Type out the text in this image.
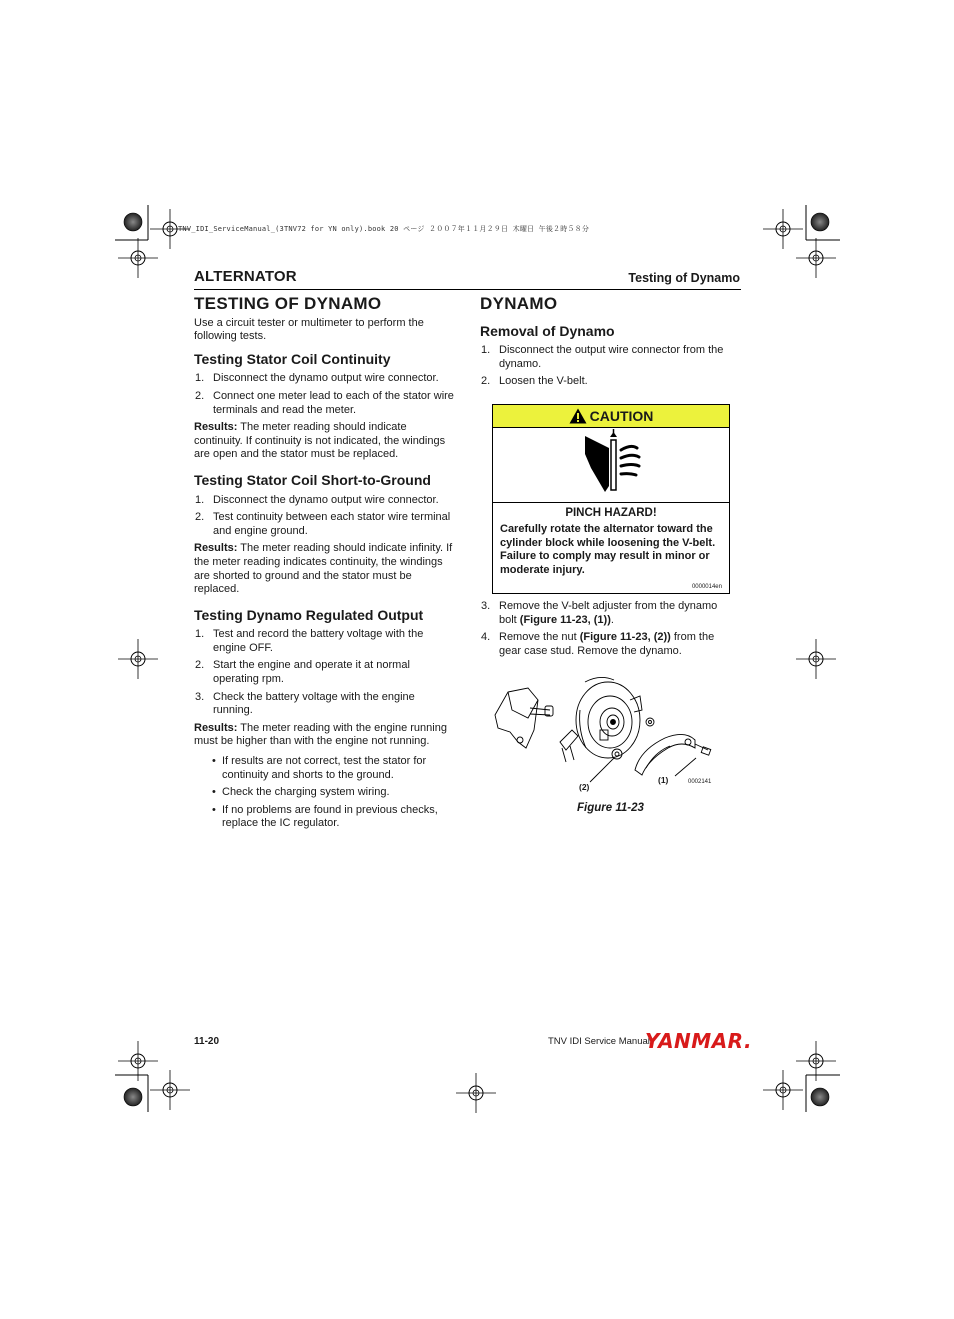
TNV_IDI_ServiceManual_(3TNV72 for YN only).book 20 ページ ２００７年１１月２９日 木曜日 午後２時５８分
ALTERNATOR	Testing of Dynamo
TESTING OF DYNAMO

Use a circuit tester or multimeter to perform the following tests.

Testing Stator Coil Continuity
1. Disconnect the dynamo output wire connector.
2. Connect one meter lead to each of the stator wire terminals and read the meter.

Results: The meter reading should indicate continuity. If continuity is not indicated, the windings are open and the stator must be replaced.

Testing Stator Coil Short-to-Ground
1. Disconnect the dynamo output wire connector.
2. Test continuity between each stator wire terminal and engine ground.

Results: The meter reading should indicate infinity. If the meter reading indicates continuity, the windings are shorted to ground and the stator must be replaced.

Testing Dynamo Regulated Output
1. Test and record the battery voltage with the engine OFF.
2. Start the engine and operate it at normal operating rpm.
3. Check the battery voltage with the engine running.

Results: The meter reading with the engine running must be higher than with the engine not running.

• If results are not correct, test the stator for continuity and shorts to the ground.
• Check the charging system wiring.
• If no problems are found in previous checks, replace the IC regulator.
DYNAMO
Removal of Dynamo
1. Disconnect the output wire connector from the dynamo.
2. Loosen the V-belt.
CAUTION
PINCH HAZARD!
Carefully rotate the alternator toward the cylinder block while loosening the V-belt. Failure to comply may result in minor or moderate injury.
0000014en
3. Remove the V-belt adjuster from the dynamo bolt (Figure 11-23, (1)).
4. Remove the nut (Figure 11-23, (2)) from the gear case stud. Remove the dynamo.
(2)
(1)	0002141
Figure 11-23
11-20	TNV IDI Service Manual
YANMAR.
